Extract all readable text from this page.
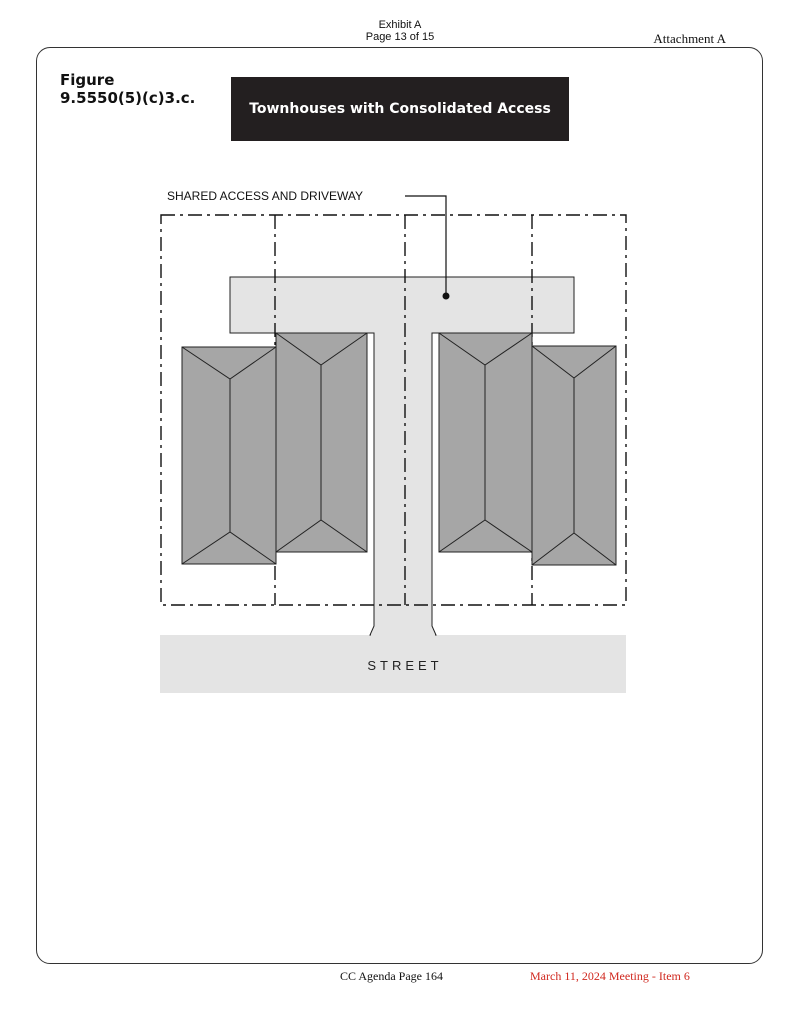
Exhibit A
Page 13 of 15	Attachment A
Figure
9.5550(5)(c)3.c.
Townhouses with Consolidated Access
STREET
SHARED ACCESS AND DRIVEWAY
CC Agenda Page 164	March 11, 2024 Meeting - Item 6
